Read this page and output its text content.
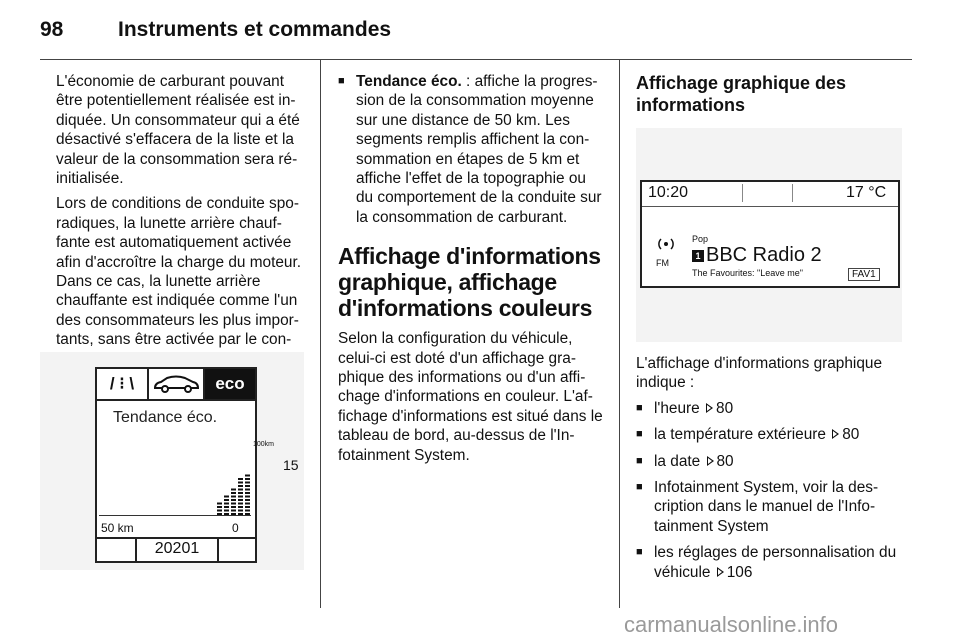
98	Instruments et commandes

L'économie de carburant pouvant être potentiellement réalisée est indiquée. Un consommateur qui a été désactivé s'effacera de la liste et la valeur de la consommation sera réinitialisée.

Lors de conditions de conduite sporadiques, la lunette arrière chauffante est automatiquement activée afin d'accroître la charge du moteur. Dans ce cas, la lunette arrière chauffante est indiquée comme l'un des consommateurs les plus importants, sans être activée par le con

/ ⁝ \	eco
Tendance éco.
100km
15
50 km	0
20201
■ Tendance éco. : affiche la progression de la consommation moyenne sur une distance de 50 km. Les segments remplis affichent la consommation en étapes de 5 km et affiche l'effet de la topographie ou du comportement de la conduite sur la consommation de carburant.
Affichage d'informations graphique, affichage d'informations couleurs

Selon la configuration du véhicule, celui-ci est doté d'un affichage graphique des informations ou d'un affichage d'informations en couleur. L'affichage d'informations est situé dans le tableau de bord, au-dessus de l'Infotainment System.

Affichage graphique des informations
10:20	17 °C
FM
Pop
1 BBC Radio 2
The Favourites: "Leave me"	FAV1

L'affichage d'informations graphique indique :

■ l'heure 80
■ la température extérieure 80
■ la date 80
■ Infotainment System, voir la description dans le manuel de l'Infotainment System
■ les réglages de personnalisation du véhicule 106
carmanualsonline.info
